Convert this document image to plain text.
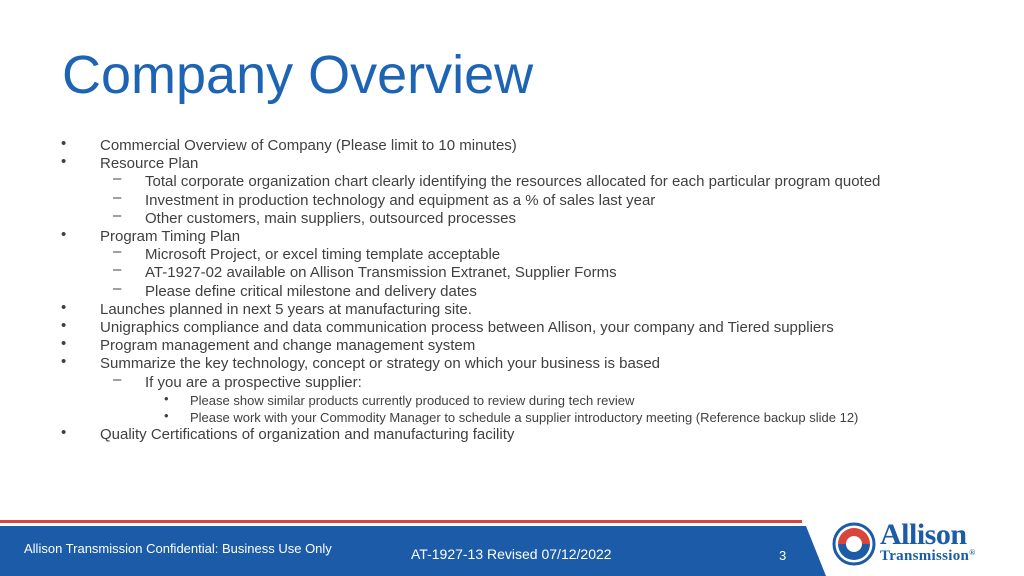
Company Overview
• Commercial Overview of Company (Please limit to 10 minutes)
• Resource Plan
– Total corporate organization chart clearly identifying the resources allocated for each particular program quoted
– Investment in production technology and equipment as a % of sales last year
– Other customers, main suppliers, outsourced processes
• Program Timing Plan
– Microsoft Project, or excel timing template acceptable
– AT-1927-02 available on Allison Transmission Extranet, Supplier Forms
– Please define critical milestone and delivery dates
• Launches planned in next 5 years at manufacturing site.
• Unigraphics compliance and data communication process between Allison, your company and Tiered suppliers
• Program management and change management system
• Summarize the key technology, concept or strategy on which your business is based
– If you are a prospective supplier:
• Please show similar products currently produced to review during tech review
• Please work with your Commodity Manager to schedule a supplier introductory meeting (Reference backup slide 12)
• Quality Certifications of organization and manufacturing facility
Allison Transmission Confidential: Business Use Only	AT-1927-13 Revised 07/12/2022	3
Allison
Transmission®
